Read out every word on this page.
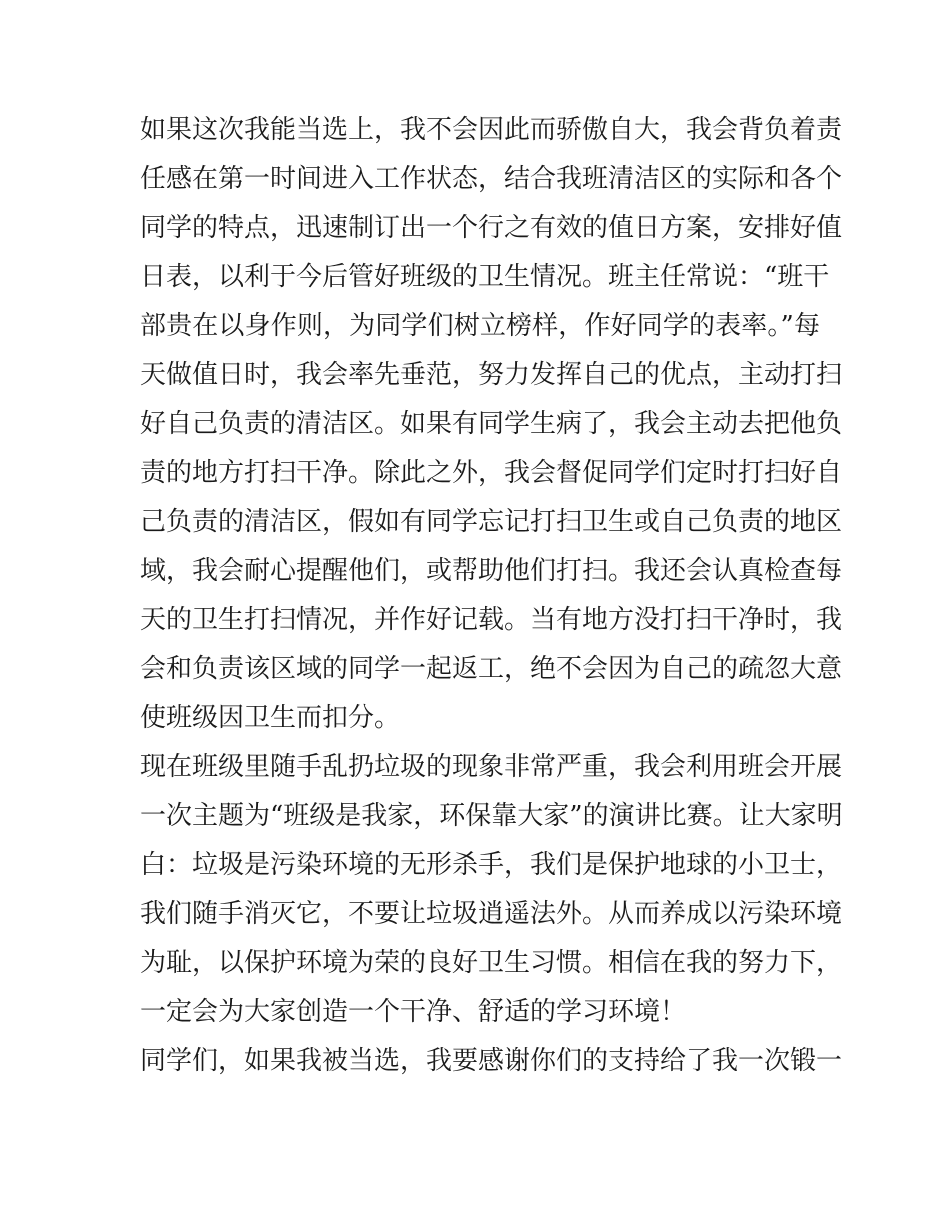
如果这次我能当选上，我不会因此而骄傲自大，我会背负着责
任感在第一时间进入工作状态，结合我班清洁区的实际和各个
同学的特点，迅速制订出一个行之有效的值日方案，安排好值
日表，以利于今后管好班级的卫生情况。班主任常说：“班干
部贵在以身作则，为同学们树立榜样，作好同学的表率。”每
天做值日时，我会率先垂范，努力发挥自己的优点，主动打扫
好自己负责的清洁区。如果有同学生病了，我会主动去把他负
责的地方打扫干净。除此之外，我会督促同学们定时打扫好自
己负责的清洁区，假如有同学忘记打扫卫生或自己负责的地区
域，我会耐心提醒他们，或帮助他们打扫。我还会认真检查每
天的卫生打扫情况，并作好记载。当有地方没打扫干净时，我
会和负责该区域的同学一起返工，绝不会因为自己的疏忽大意
使班级因卫生而扣分。
现在班级里随手乱扔垃圾的现象非常严重，我会利用班会开展
一次主题为“班级是我家，环保靠大家”的演讲比赛。让大家明
白：垃圾是污染环境的无形杀手，我们是保护地球的小卫士，
我们随手消灭它，不要让垃圾逍遥法外。从而养成以污染环境
为耻，以保护环境为荣的良好卫生习惯。相信在我的努力下，
一定会为大家创造一个干净、舒适的学习环境！
同学们，如果我被当选，我要感谢你们的支持给了我一次锻一
